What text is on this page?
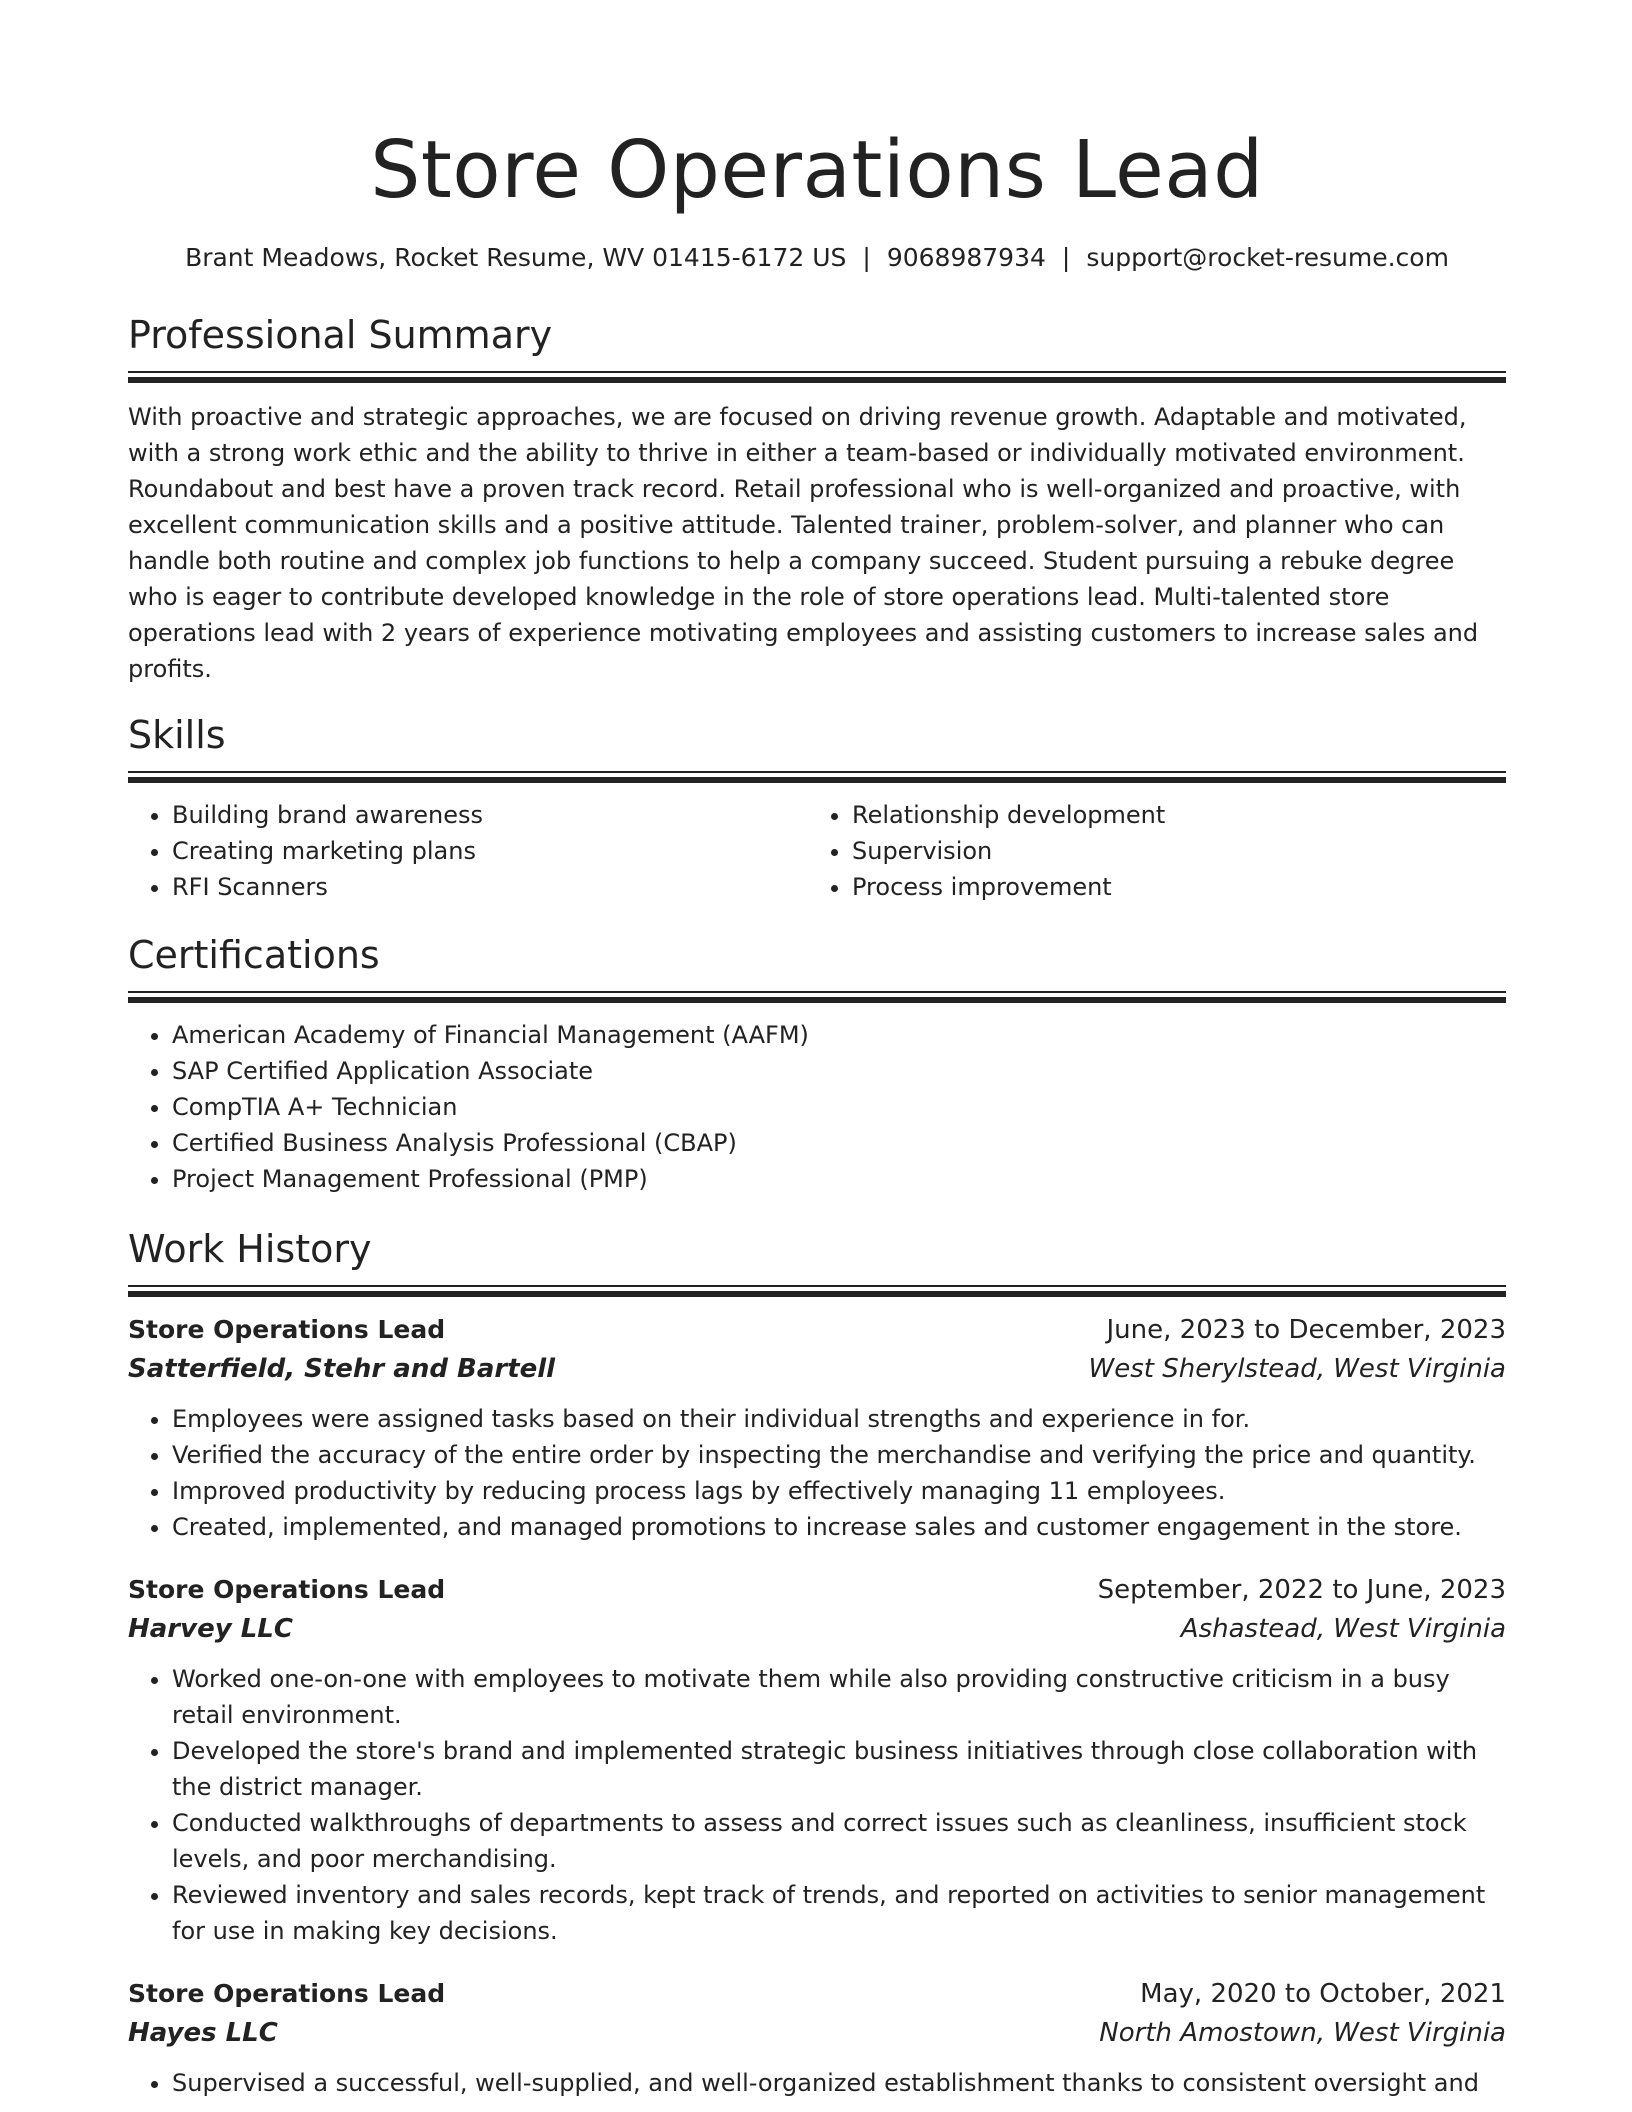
Store Operations Lead
Brant Meadows, Rocket Resume, WV 01415-6172 US | 9068987934 | support@rocket-resume.com
Professional Summary

With proactive and strategic approaches, we are focused on driving revenue growth. Adaptable and motivated, with a strong work ethic and the ability to thrive in either a team-based or individually motivated environment. Roundabout and best have a proven track record. Retail professional who is well-organized and proactive, with excellent communication skills and a positive attitude. Talented trainer, problem-solver, and planner who can handle both routine and complex job functions to help a company succeed. Student pursuing a rebuke degree who is eager to contribute developed knowledge in the role of store operations lead. Multi-talented store operations lead with 2 years of experience motivating employees and assisting customers to increase sales and profits.

Skills
• Building brand awareness
• Creating marketing plans
• RFI Scanners
• Relationship development
• Supervision
• Process improvement
Certifications
• American Academy of Financial Management (AAFM)
• SAP Certified Application Associate
• CompTIA A+ Technician
• Certified Business Analysis Professional (CBAP)
• Project Management Professional (PMP)
Work History
Store Operations Lead	June, 2023 to December, 2023
Satterfield, Stehr and Bartell	West Sherylstead, West Virginia
• Employees were assigned tasks based on their individual strengths and experience in for.
• Verified the accuracy of the entire order by inspecting the merchandise and verifying the price and quantity.
• Improved productivity by reducing process lags by effectively managing 11 employees.
• Created, implemented, and managed promotions to increase sales and customer engagement in the store.
Store Operations Lead	September, 2022 to June, 2023
Harvey LLC	Ashastead, West Virginia
• Worked one-on-one with employees to motivate them while also providing constructive criticism in a busy retail environment.
• Developed the store's brand and implemented strategic business initiatives through close collaboration with the district manager.
• Conducted walkthroughs of departments to assess and correct issues such as cleanliness, insufficient stock levels, and poor merchandising.
• Reviewed inventory and sales records, kept track of trends, and reported on activities to senior management for use in making key decisions.
Store Operations Lead	May, 2020 to October, 2021
Hayes LLC	North Amostown, West Virginia
• Supervised a successful, well-supplied, and well-organized establishment thanks to consistent oversight and
